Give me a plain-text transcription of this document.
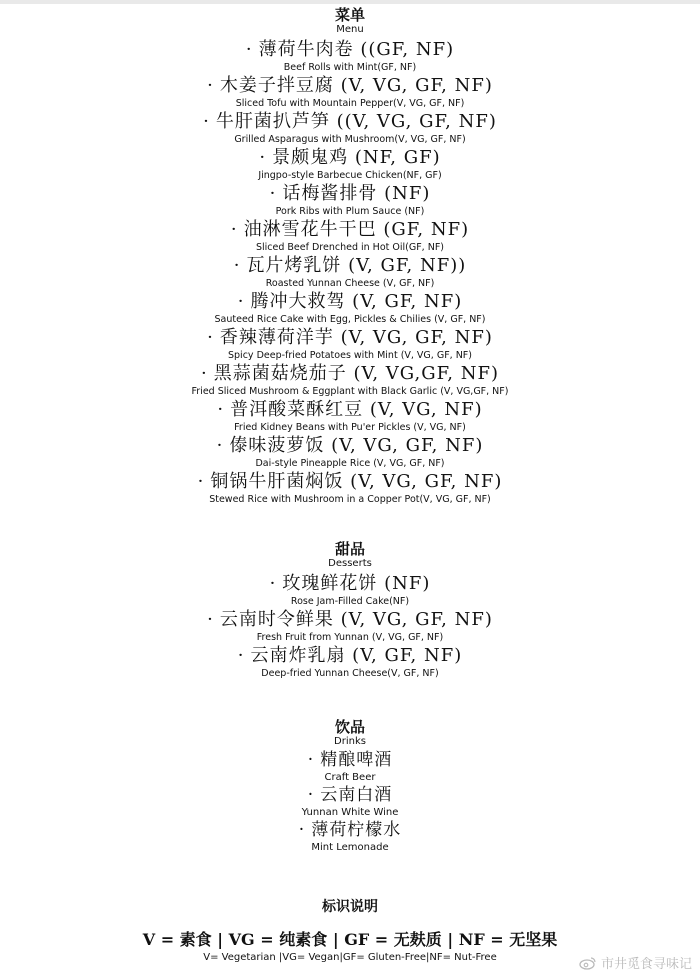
菜单
Menu
· 薄荷牛肉卷 ((GF, NF)
Beef Rolls with Mint(GF, NF)
· 木姜子拌豆腐 (V, VG, GF, NF)
Sliced Tofu with Mountain Pepper(V, VG, GF, NF)
· 牛肝菌扒芦笋 ((V, VG, GF, NF)
Grilled Asparagus with Mushroom(V, VG, GF, NF)
· 景颇鬼鸡 (NF, GF)
Jingpo-style Barbecue Chicken(NF, GF)
· 话梅酱排骨 (NF)
Pork Ribs with Plum Sauce (NF)
· 油淋雪花牛干巴 (GF, NF)
Sliced Beef Drenched in Hot Oil(GF, NF)
· 瓦片烤乳饼 (V, GF, NF))
Roasted Yunnan Cheese (V, GF, NF)
· 腾冲大救驾 (V, GF, NF)
Sauteed Rice Cake with Egg, Pickles & Chilies (V, GF, NF)
· 香辣薄荷洋芋 (V, VG, GF, NF)
Spicy Deep-fried Potatoes with Mint (V, VG, GF, NF)
· 黑蒜菌菇烧茄子 (V, VG,GF, NF)
Fried Sliced Mushroom & Eggplant with Black Garlic (V, VG,GF, NF)
· 普洱酸菜酥红豆 (V, VG, NF)
Fried Kidney Beans with Pu'er Pickles (V, VG, NF)
· 傣味菠萝饭 (V, VG, GF, NF)
Dai-style Pineapple Rice (V, VG, GF, NF)
· 铜锅牛肝菌焖饭 (V, VG, GF, NF)
Stewed Rice with Mushroom in a Copper Pot(V, VG, GF, NF)
甜品
Desserts
· 玫瑰鲜花饼 (NF)
Rose Jam-Filled Cake(NF)
· 云南时令鲜果 (V, VG, GF, NF)
Fresh Fruit from Yunnan (V, VG, GF, NF)
· 云南炸乳扇 (V, GF, NF)
Deep-fried Yunnan Cheese(V, GF, NF)
饮品
Drinks
· 精酿啤酒
Craft Beer
· 云南白酒
Yunnan White Wine
· 薄荷柠檬水
Mint Lemonade
标识说明
V = 素食 | VG = 纯素食 | GF = 无麸质 | NF = 无坚果
V= Vegetarian |VG= Vegan|GF= Gluten-Free|NF= Nut-Free	市井觅食寻味记
